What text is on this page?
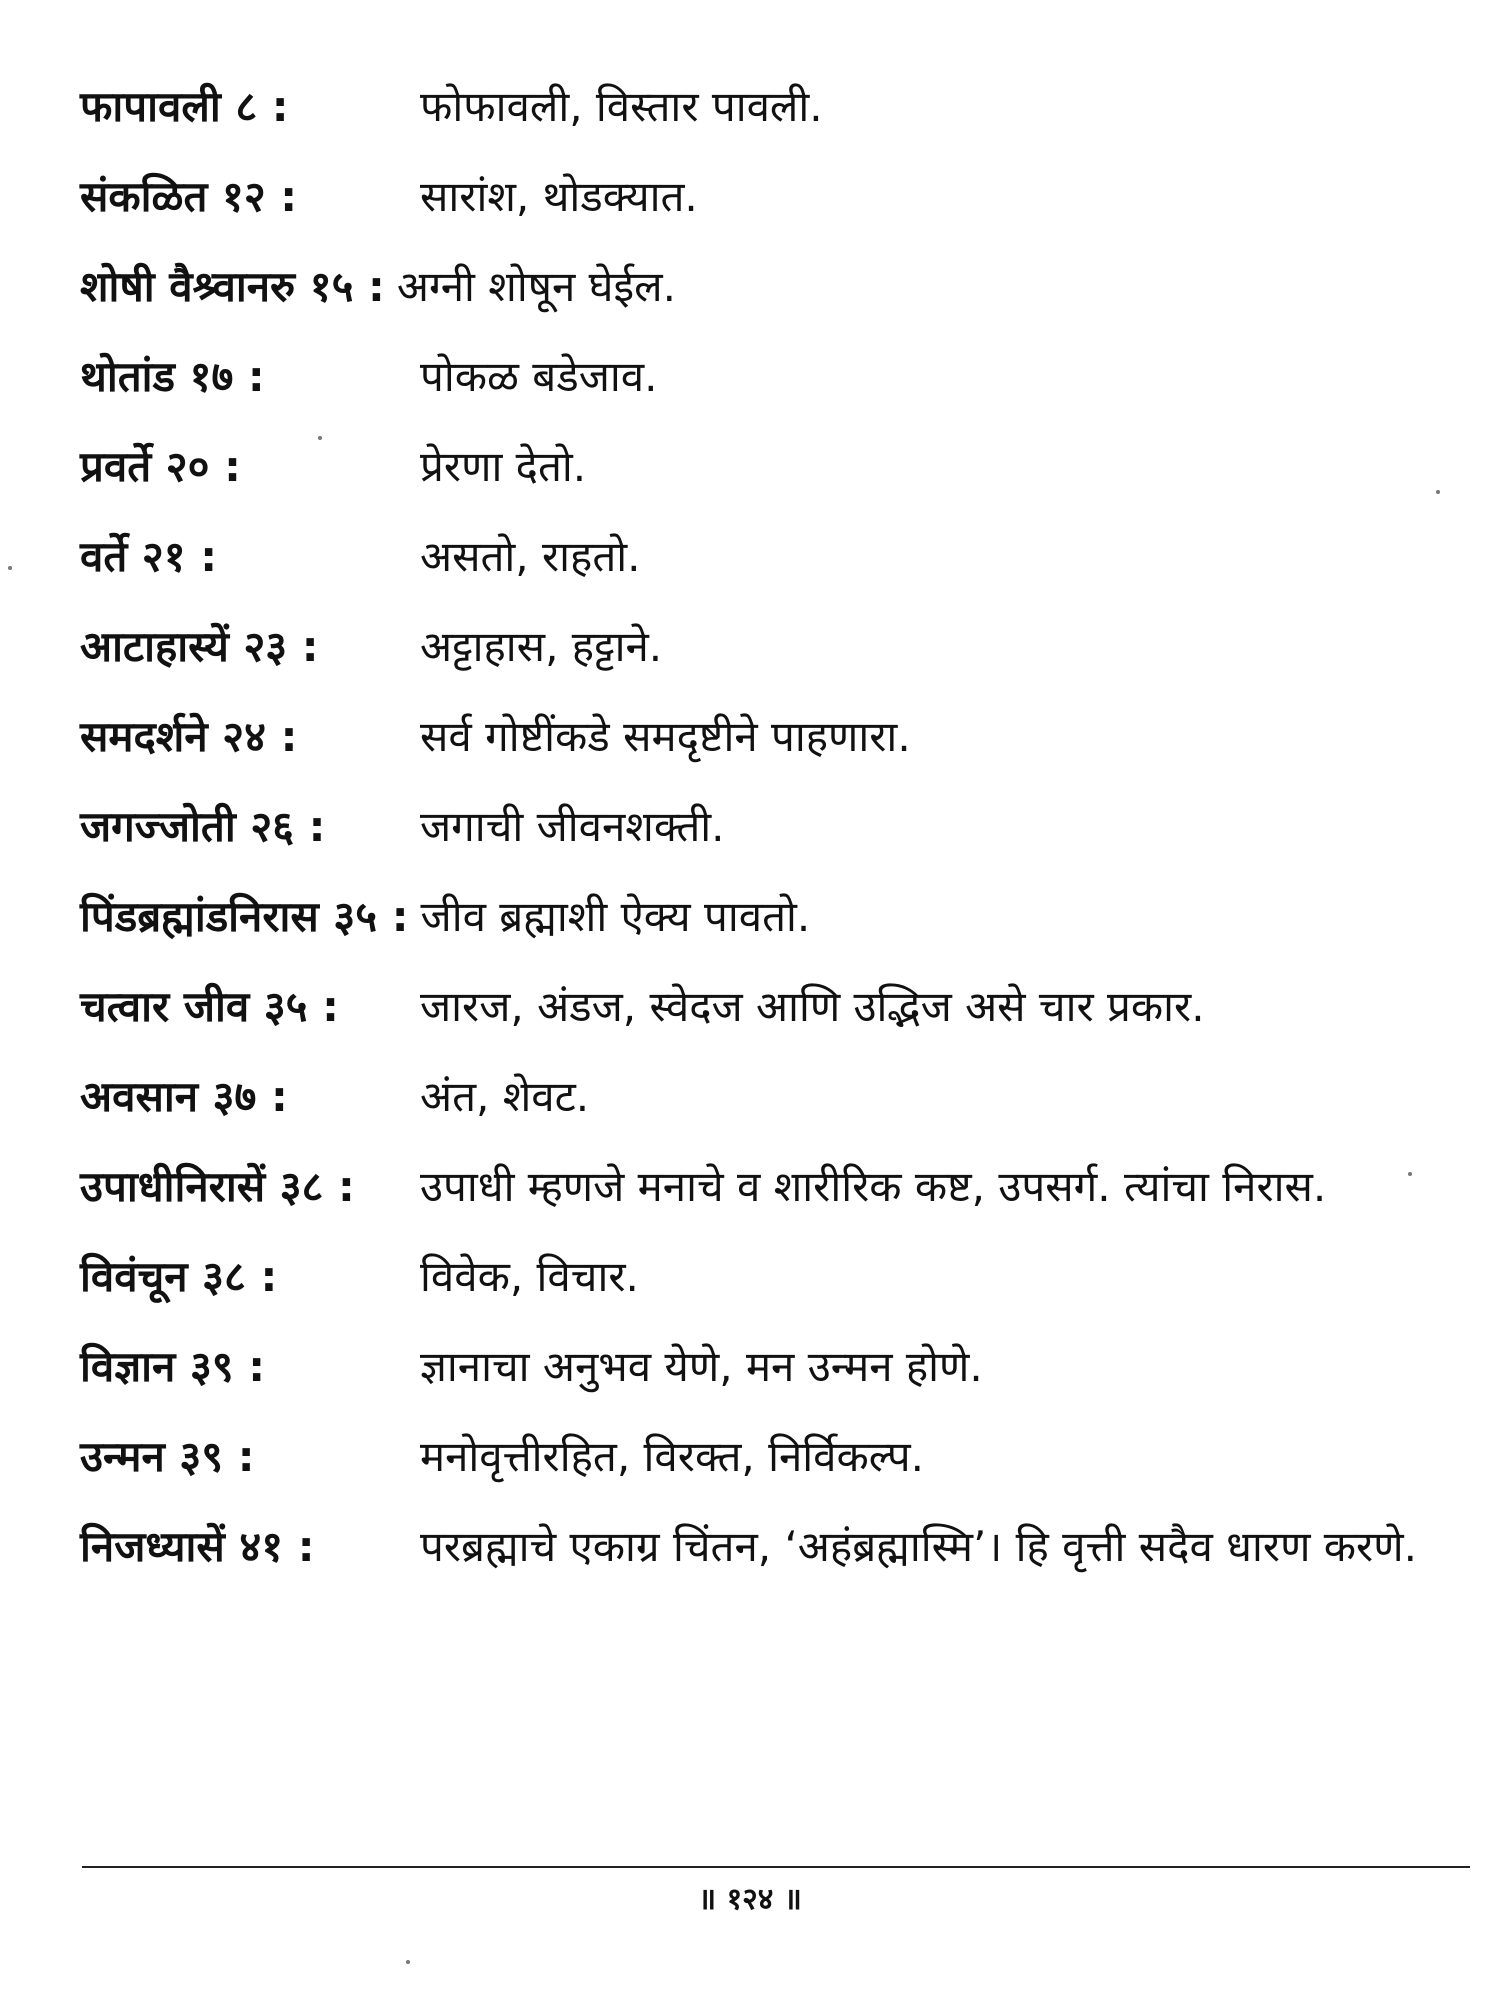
फापावली ८ :	फोफावली, विस्तार पावली.
संकळित १२ :	सारांश, थोडक्यात.
शोषी वैश्र्वानरु १५ : अग्नी शोषून घेईल.
थोतांड १७ :	पोकळ बडेजाव.
प्रवर्ते २० :	प्रेरणा देतो.
वर्ते २१ :	असतो, राहतो.
आटाहास्यें २३ : अट्टाहास, हट्टाने.
समदर्शने २४ :	सर्व गोष्टींकडे समदृष्टीने पाहणारा.
जगज्जोती २६ : जगाची जीवनशक्ती.
पिंडब्रह्मांडनिरास ३५ : जीव ब्रह्माशी ऐक्य पावतो.
चत्वार जीव ३५ : जारज, अंडज, स्वेदज आणि उद्भिज असे चार प्रकार.
अवसान ३७ :	अंत, शेवट.
उपाधीनिरासें ३८ : उपाधी म्हणजे मनाचे व शारीरिक कष्ट, उपसर्ग. त्यांचा निरास.
विवंचून ३८ :	विवेक, विचार.
विज्ञान ३९ :	ज्ञानाचा अनुभव येणे, मन उन्मन होणे.
उन्मन ३९ :	मनोवृत्तीरहित, विरक्त, निर्विकल्प.
निजध्यासें ४१ :	परब्रह्माचे एकाग्र चिंतन, ‘अहंब्रह्मास्मि’। हि वृत्ती सदैव धारण करणे.
॥ १२४ ॥
